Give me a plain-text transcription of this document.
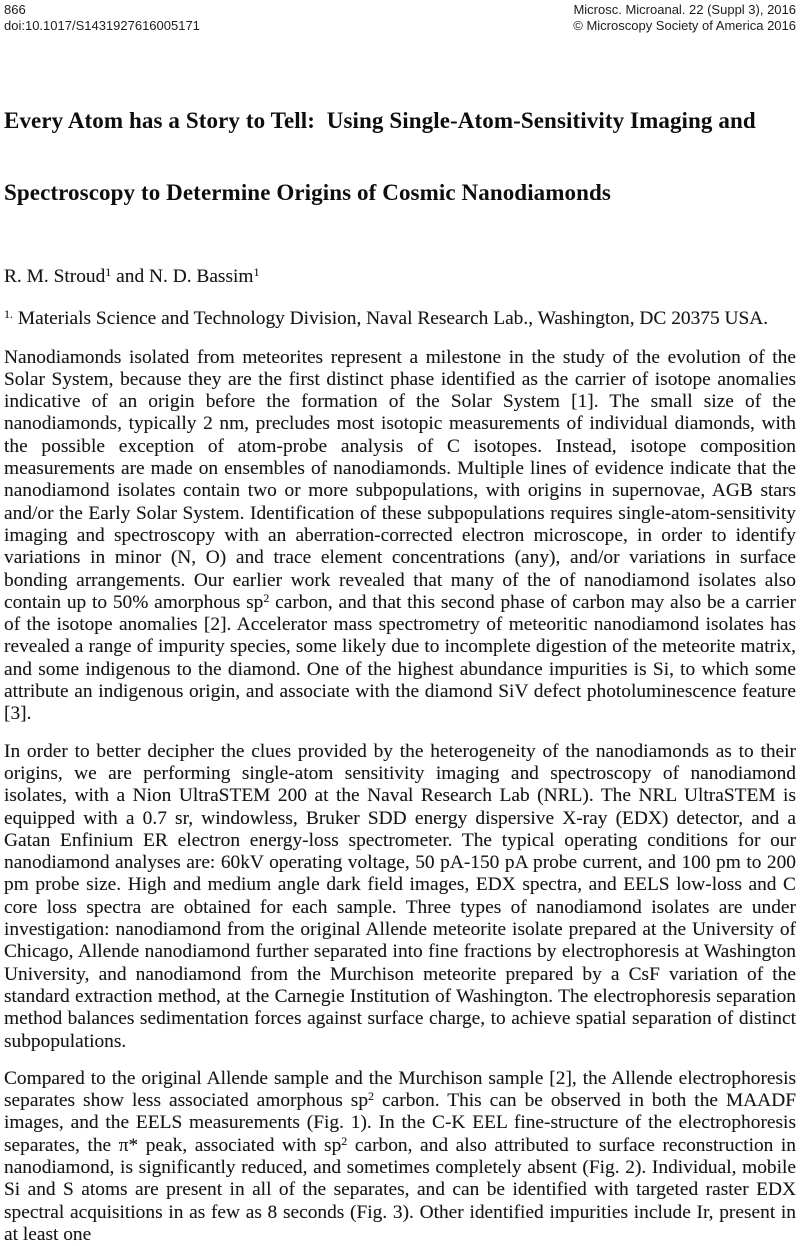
866
doi:10.1017/S1431927616005171
Microsc. Microanal. 22 (Suppl 3), 2016
© Microscopy Society of America 2016

Every Atom has a Story to Tell:  Using Single-Atom-Sensitivity Imaging and

Spectroscopy to Determine Origins of Cosmic Nanodiamonds

R. M. Stroud$^1$ and N. D. Bassim$^1$
$^{1.}$ Materials Science and Technology Division, Naval Research Lab., Washington, DC 20375 USA.

Nanodiamonds isolated from meteorites represent a milestone in the study of the evolution of the Solar System, because they are the first distinct phase identified as the carrier of isotope anomalies indicative of an origin before the formation of the Solar System [1]. The small size of the nanodiamonds, typically 2 nm, precludes most isotopic measurements of individual diamonds, with the possible exception of atom-probe analysis of C isotopes. Instead, isotope composition measurements are made on ensembles of nanodiamonds. Multiple lines of evidence indicate that the nanodiamond isolates contain two or more subpopulations, with origins in supernovae, AGB stars and/or the Early Solar System. Identification of these subpopulations requires single-atom-sensitivity imaging and spectroscopy with an aberration-corrected electron microscope, in order to identify variations in minor (N, O) and trace element concentrations (any), and/or variations in surface bonding arrangements. Our earlier work revealed that many of the of nanodiamond isolates also contain up to 50% amorphous $sp^2$ carbon, and that this second phase of carbon may also be a carrier of the isotope anomalies [2]. Accelerator mass spectrometry of meteoritic nanodiamond isolates has revealed a range of impurity species, some likely due to incomplete digestion of the meteorite matrix, and some indigenous to the diamond. One of the highest abundance impurities is Si, to which some attribute an indigenous origin, and associate with the diamond SiV defect photoluminescence feature [3].

In order to better decipher the clues provided by the heterogeneity of the nanodiamonds as to their origins, we are performing single-atom sensitivity imaging and spectroscopy of nanodiamond isolates, with a Nion UltraSTEM 200 at the Naval Research Lab (NRL). The NRL UltraSTEM is equipped with a 0.7 sr, windowless, Bruker SDD energy dispersive X-ray (EDX) detector, and a Gatan Enfinium ER electron energy-loss spectrometer. The typical operating conditions for our nanodiamond analyses are: 60kV operating voltage, 50 pA-150 pA probe current, and 100 pm to 200 pm probe size. High and medium angle dark field images, EDX spectra, and EELS low-loss and C core loss spectra are obtained for each sample. Three types of nanodiamond isolates are under investigation: nanodiamond from the original Allende meteorite isolate prepared at the University of Chicago, Allende nanodiamond further separated into fine fractions by electrophoresis at Washington University, and nanodiamond from the Murchison meteorite prepared by a CsF variation of the standard extraction method, at the Carnegie Institution of Washington. The electrophoresis separation method balances sedimentation forces against surface charge, to achieve spatial separation of distinct subpopulations.

Compared to the original Allende sample and the Murchison sample [2], the Allende electrophoresis separates show less associated amorphous $sp^2$ carbon. This can be observed in both the MAADF images, and the EELS measurements (Fig. 1). In the C-K EEL fine-structure of the electrophoresis separates, the π* peak, associated with $sp^2$ carbon, and also attributed to surface reconstruction in nanodiamond, is significantly reduced, and sometimes completely absent (Fig. 2). Individual, mobile Si and S atoms are present in all of the separates, and can be identified with targeted raster EDX spectral acquisitions in as few as 8 seconds (Fig. 3). Other identified impurities include Ir, present in at least one
